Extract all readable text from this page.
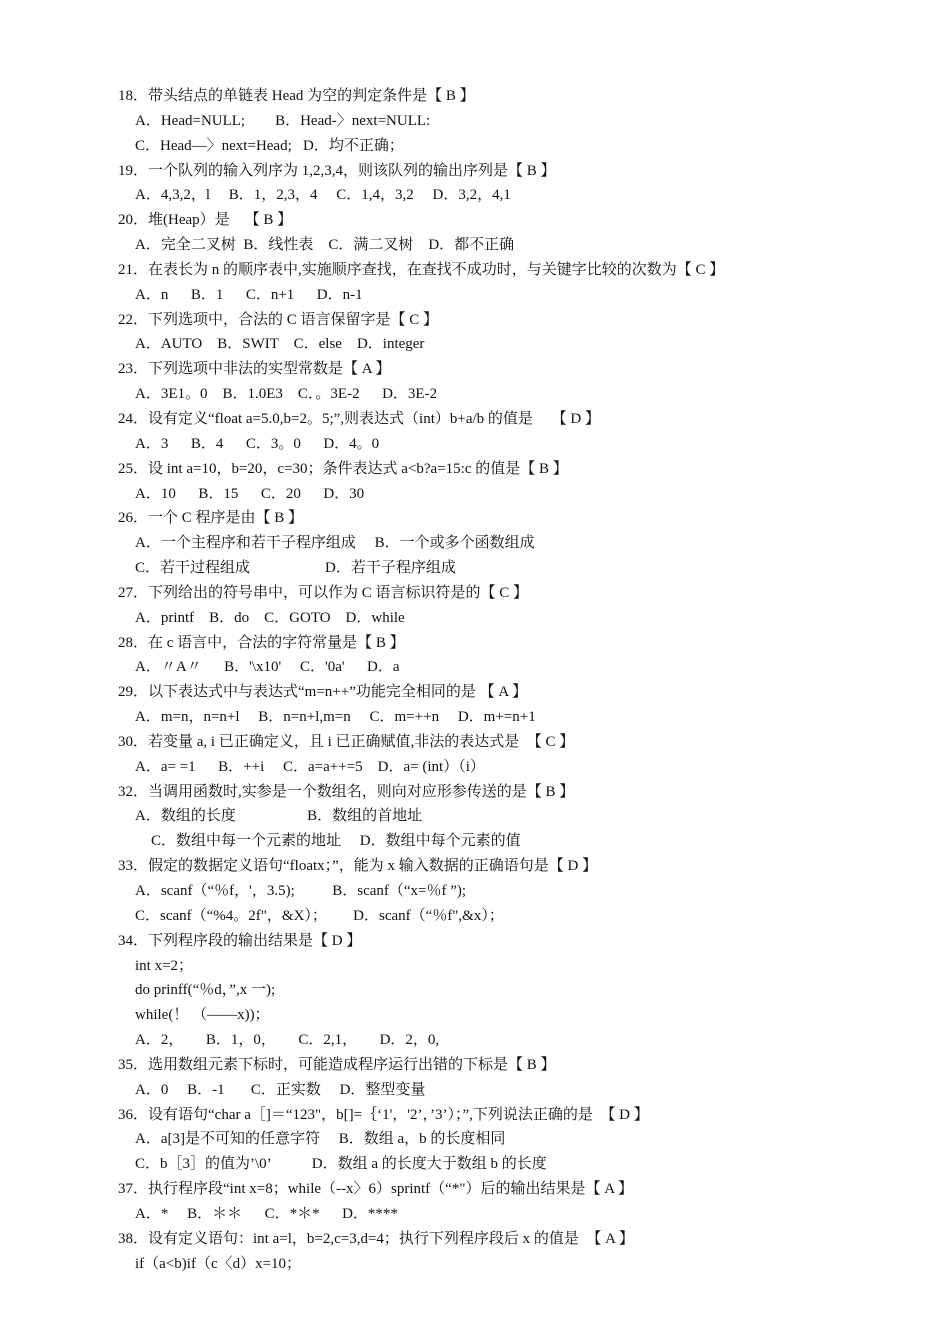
18．带头结点的单链表 Head 为空的判定条件是【 B 】
A．Head=NULL;        B．Head-〉next=NULL:
C．Head—〉next=Head;   D．均不正确；
19．一个队列的输入列序为 1,2,3,4，则该队列的输出序列是【 B 】
A．4,3,2，l     B．1，2,3，4     C．1,4，3,2     D．3,2，4,1
20．堆(Heap）是    【 B 】
A．完全二叉树  B．线性表    C．满二叉树    D．都不正确
21．在表长为 n 的顺序表中,实施顺序查找，在查找不成功时，与关键字比较的次数为【 C 】
A．n      B．1      C．n+1      D．n-1
22．下列选项中，合法的 C 语言保留字是【 C 】
A．AUTO    B．SWIT    C．else    D．integer
23．下列选项中非法的实型常数是【 A 】
A．3E1。0    B．1.0E3    C．。3E-2      D．3E-2
24．设有定义“float a=5.0,b=2。5;”,则表达式（int）b+a/b 的值是     【 D 】
A．3      B．4      C．3。0      D．4。0
25．设 int a=10，b=20，c=30；条件表达式 a<b?a=15:c 的值是【 B 】
A．10      B．15      C．20      D．30
26．一个 C 程序是由【 B 】
A．一个主程序和若干子程序组成     B．一个或多个函数组成
C．若干过程组成                    D．若干子程序组成
27．下列给出的符号串中，可以作为 C 语言标识符是的【 C 】
A．printf    B．do    C．GOTO    D．while
28．在 c 语言中，合法的字符常量是【 B 】
A．〃A〃      B．'\x10'     C．'0a'      D．a
29．以下表达式中与表达式“m=n++”功能完全相同的是 【 A 】
A．m=n，n=n+l     B．n=n+l,m=n     C．m=++n     D．m+=n+1
30．若变量 a, i 已正确定义，且 i 已正确赋值,非法的表达式是  【 C 】
A．a= =1      B．++i     C．a=a++=5    D．a= (int）（i）
32．当调用函数时,实参是一个数组名，则向对应形参传送的是【 B 】
A．数组的长度                   B．数组的首地址
C．数组中每一个元素的地址     D．数组中每个元素的值
33．假定的数据定义语句“floatx；”，能为 x 输入数据的正确语句是【 D 】
A．scanf（“％f，'，3.5);          B．scanf（“x=％f ”);
C．scanf（“%4。2f"，&X）；       D．scanf（“％f",&x）；
34．下列程序段的输出结果是【 D 】
int x=2；
do prinff(“％d，”,x 一);
while(！ （——x))；
A．2，      B．1，0，      C．2,1，      D．2，0,
35．选用数组元素下标时，可能造成程序运行出错的下标是【 B 】
A．0     B．-1       C．正实数     D．整型变量
36．设有语句“char a［]＝“123"，b[]=｛‘1'，'2’，’3’）；”,下列说法正确的是  【 D 】
A．a[3]是不可知的任意字符     B．数组 a，b 的长度相同
C．b［3］的值为’\0’           D．数组 a 的长度大于数组 b 的长度
37．执行程序段“int x=8；while（--x〉6）sprintf（“*"）后的输出结果是【 A 】
A．*     B．＊＊      C．*＊*      D．****
38．设有定义语句：int a=l，b=2,c=3,d=4；执行下列程序段后 x 的值是  【 A 】
if（a<b)if（c〈d）x=10；
